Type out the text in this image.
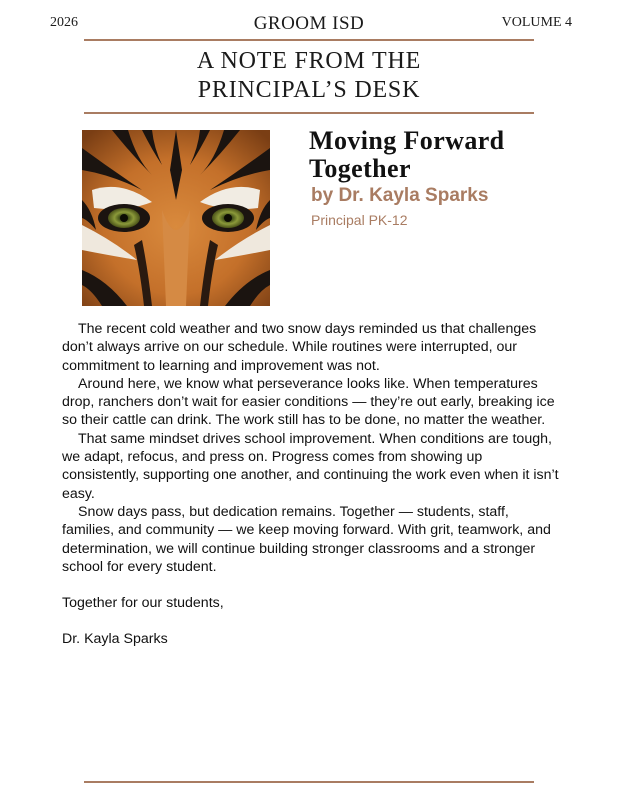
2026	GROOM ISD	VOLUME 4
A NOTE FROM THE
PRINCIPAL’S DESK
Moving Forward
Together
by Dr. Kayla Sparks
Principal PK-12

The recent cold weather and two snow days reminded us that challenges don’t always arrive on our schedule. While routines were interrupted, our commitment to learning and improvement was not.

Around here, we know what perseverance looks like. When temperatures drop, ranchers don’t wait for easier conditions — they’re out early, breaking ice so their cattle can drink. The work still has to be done, no matter the weather.

That same mindset drives school improvement. When conditions are tough, we adapt, refocus, and press on. Progress comes from showing up consistently, supporting one another, and continuing the work even when it isn’t easy.

Snow days pass, but dedication remains. Together — students, staff, families, and community — we keep moving forward. With grit, teamwork, and determination, we will continue building stronger classrooms and a stronger school for every student.

Together for our students,

Dr. Kayla Sparks
